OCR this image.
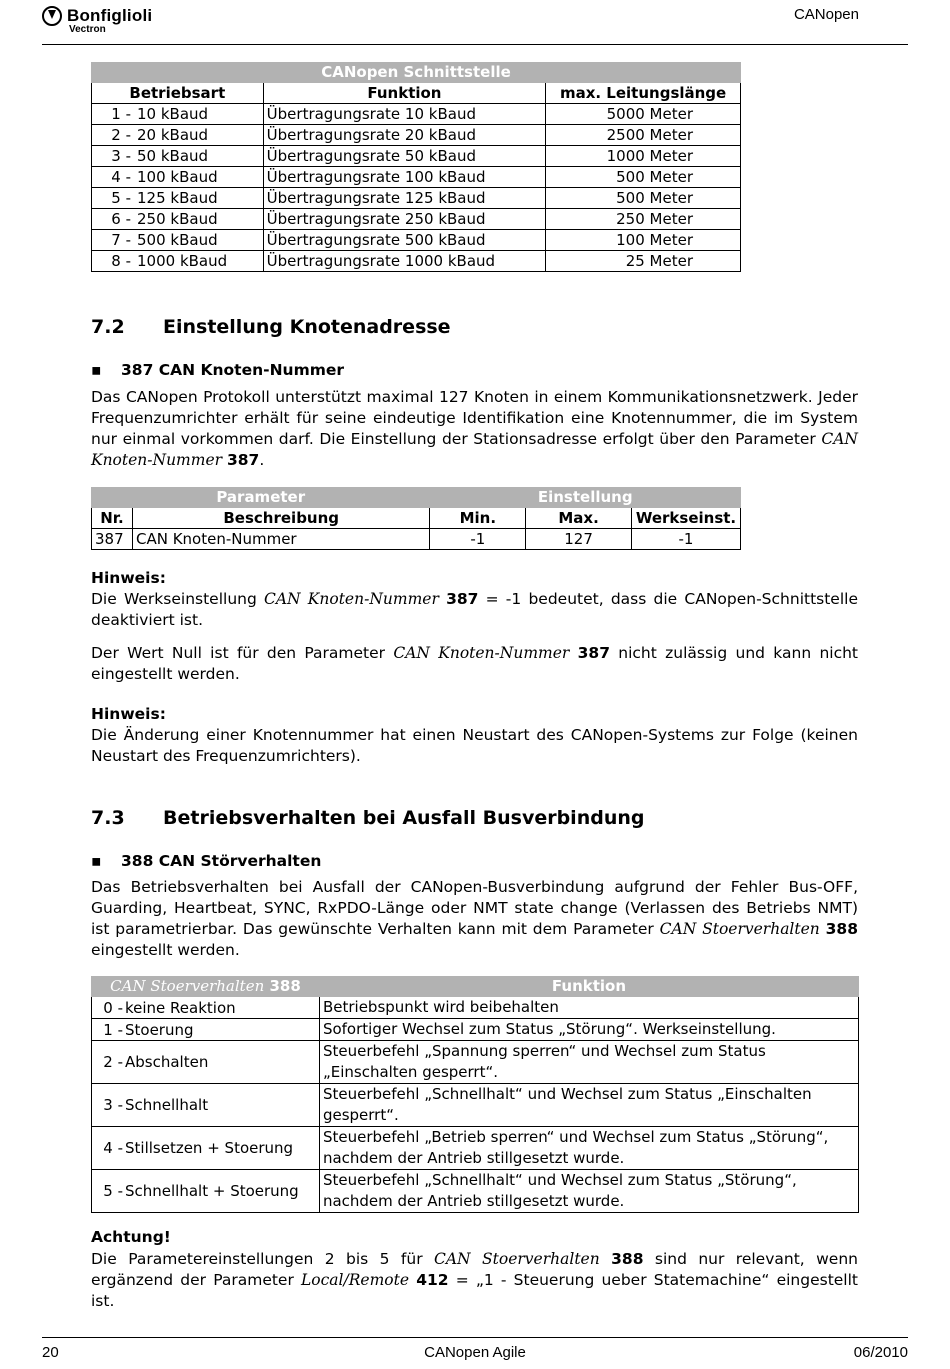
Bonfiglioli
Vectron
CANopen
CANopen Schnittstelle		
Betriebsart	Funktion	max. Leitungslänge
1 - 10 kBaud	Übertragungsrate 10 kBaud	5000 Meter
2 - 20 kBaud	Übertragungsrate 20 kBaud	2500 Meter
3 - 50 kBaud	Übertragungsrate 50 kBaud	1000 Meter
4 - 100 kBaud	Übertragungsrate 100 kBaud	500 Meter
5 - 125 kBaud	Übertragungsrate 125 kBaud	500 Meter
6 - 250 kBaud	Übertragungsrate 250 kBaud	250 Meter
7 - 500 kBaud	Übertragungsrate 500 kBaud	100 Meter
8 - 1000 kBaud	Übertragungsrate 1000 kBaud	25 Meter
7.2 Einstellung Knotenadresse
▪ 387 CAN Knoten-Nummer
Das CANopen Protokoll unterstützt maximal 127 Knoten in einem Kommunikationsnetzwerk. Jeder Frequenzumrichter erhält für seine eindeutige Identifikation eine Knotennummer, die im System nur einmal vorkommen darf. Die Einstellung der Stationsadresse erfolgt über den Parameter CAN Knoten-Nummer 387.
Parameter		Einstellung		
Nr.	Beschreibung	Min.	Max.	Werkseinst.
387	CAN Knoten-Nummer	-1	127	-1
Hinweis:
Die Werkseinstellung CAN Knoten-Nummer 387 = -1 bedeutet, dass die CANopen-Schnittstelle deaktiviert ist.
Der Wert Null ist für den Parameter CAN Knoten-Nummer 387 nicht zulässig und kann nicht eingestellt werden.
Hinweis:
Die Änderung einer Knotennummer hat einen Neustart des CANopen-Systems zur Folge (keinen Neustart des Frequenzumrichters).
7.3 Betriebsverhalten bei Ausfall Busverbindung
▪ 388 CAN Störverhalten
Das Betriebsverhalten bei Ausfall der CANopen-Busverbindung aufgrund der Fehler Bus-OFF, Guarding, Heartbeat, SYNC, RxPDO-Länge oder NMT state change (Verlassen des Betriebs NMT) ist parametrierbar. Das gewünschte Verhalten kann mit dem Parameter CAN Stoerverhalten 388 eingestellt werden.
CAN Stoerverhalten 388	Funktion
0 - keine Reaktion	Betriebspunkt wird beibehalten
1 - Stoerung	Sofortiger Wechsel zum Status „Störung“. Werkseinstellung.
2 - Abschalten	Steuerbefehl „Spannung sperren“ und Wechsel zum Status „Einschalten gesperrt“.
3 - Schnellhalt	Steuerbefehl „Schnellhalt“ und Wechsel zum Status „Einschalten gesperrt“.
4 - Stillsetzen + Stoerung	Steuerbefehl „Betrieb sperren“ und Wechsel zum Status „Störung“, nachdem der Antrieb stillgesetzt wurde.
5 - Schnellhalt + Stoerung	Steuerbefehl „Schnellhalt“ und Wechsel zum Status „Störung“, nachdem der Antrieb stillgesetzt wurde.
Achtung!
Die Parametereinstellungen 2 bis 5 für CAN Stoerverhalten 388 sind nur relevant, wenn ergänzend der Parameter Local/Remote 412 = „1 - Steuerung ueber Statemachine“ eingestellt ist.
20	CANopen Agile	06/2010
